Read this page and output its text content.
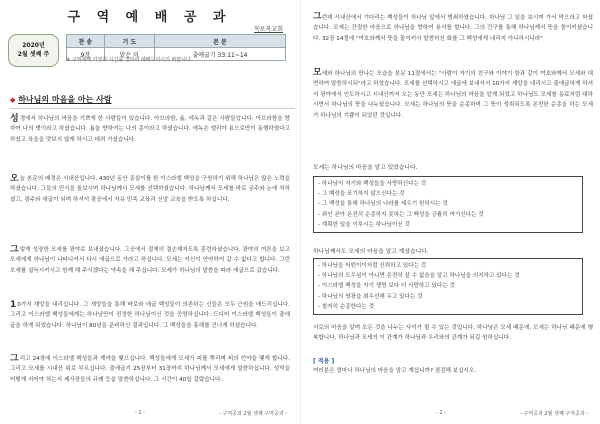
구 역 예 배 공 과
목포북교회
2020년
2월 셋째 주
찬 송	기 도	본 문
9장	맡은 이	출애굽기 33:11~14
※ 구역예배 가정과 시간을 정하여 예배드리시기 바랍니다.
◆ 하나님의 마음을 아는 사람
성경에서 하나님의 마음을 기쁘게 한 사람들이 있습니다. 아브라함, 욥, 에녹과 같은 사람들입니다. 아브라함을 향하여 나의 벗이라고 하셨습니다. 욥을 향하여는 나의 종이라고 하셨습니다. 에녹은 엘리야 용으로만이 동행하였다고 하셨고 육을을 맛보지 않게 하시고 데려 가셨습니다.
오늘 본문의 배경은 시내산입니다. 430년 동안 종살이를 한 이스라엘 백성을 구원하기 위해 하나님은 많은 노력을 하셨습니다. 그들의 민식을 돌보시며 하나님께서 모세를 선택하셨습니다. 하나님께서 모세를 바로 궁주와 논에 처하셨고, 광주와 애굽이 되며 하셔서 광공에서 자유 민족 교육과 신앙 교육을 받도록 하십니다.
그렇게 성장한 모세를 광야로 보내셨습니다. 그곳에서 절체의 결손해지도록 훈련하셨습니다. 광야의 여론을 보고 모세에게 하나님이 나타나셔서 다시 애굽으로 가라고 하십니다. 모세는 자신이 연약하여 갈 수 없다고 합니다. 그런 모세를 설득시키시고 함께 해 주시겠다는 약속을 해 주십니다. 모세가 하나님의 말씀을 따라 애굽으로 갔습니다.
1 0가지 재앙을 내리십니다. 그 재앙들을 통해 바로와 애굽 백성들이 의존하는 신들은 모두 근원을 애드리십니다. 그리고 이스라엘 백성들에게는 하나님만이 진정한 하나님이신 것을 증명하십니다. 드디어 이스라엘 백성들이 출애굽을 하게 되었습니다. 하나님이 80년을 준비하신 결과입니다. 그 백성들을 홍해를 건너게 하셨습니다.
그리고 24장에 이스라엘 백성들과 계약을 맺으십니다. 백성들에게 모세가 피를 뿌리며 피의 언약을 맺게 합니다. 그리고 모세를 시내산 위로 부르십니다. 출애굽기 25장부터 31장까지 하나님께서 모세에게 말씀하십니다. 성막을 어떻게 지어야 하는지 제사장들의 규례 등을 말씀하십니다. 그 시간이 40일 걸렸습니다.
- 1 -	- 구역공과 2월 셋째 구역공과 -
그런데 시내산에서 기다리는 백성들이 하나님 앞에서 범죄하였습니다. 하나님 그 일을 보시며 가서 막으라고 하셨습니다. 모세는 간절한 마음으로 하나님을 향하여 용서를 합니다. 그의 간구를 통해 하나님께서 뜻을 돌이키셨습니다. 32장 14절에 "여호와께서 뜻을 돌이키사 말씀하신 화를 그 백성에게 내리지 아니하시니라"
모세와 하나님의 만나는 모습을 본문 11절에서는 "사람이 자기의 친구와 이야기 함과 같이 여호와께서 모세와 대면하여 말씀하시되"라고 하였습니다. 모세를 선택하시고 애굽에 보내셔서 10가지 재앙을 내리시고 출애굽하게 하셔서 광야에서 인도하시고 시내산까지 오는 동안 모세는 하나님의 마음을 알게 되었고 하나님도 모세를 동료처럼 대하시면서 하나님의 뜻을 나누셨습니다. 모세는 하나님의 뜻을 순종하며 그 뜻이 성취되도록 온전한 순종을 하는 모세가 하나님의 기쁨이 되었던 것입니다.
모세는 하나님의 마음을 알고 있었습니다.
- 하나님이 자기와 백성들을 사랑하신다는 것
- 그 백성을 포기하지 않으신다는 것
- 그 백성을 통해 하나님의 나라를 세우기 원하시는 것
- 죄인 곧아 온전히 순종하지 못하는 그 백성을 긍휼히 여기신다는 것
- 계획한 일을 이루시는 하나님이신 것
하나님께서도 모세의 마음을 알고 계셨습니다.
- 하나님을 어떤이이처럼 신뢰하고 있다는 것
- 하나님의 도우심이 아니면 온전히 살 수 없음을 알고 하나님을 의지하고 있다는 것
- 이스라엘 백성을 자기 생명 보다 더 사랑하고 있다는 것
- 하나님의 영광을 최우선해 두고 있다는 것
- 철저히 순종한다는 것
서로의 마음을 알며 모든 것을 나누는 사이가 될 수 있는 것입니다. 하나님은 모세 때문에, 모세는 하나님 때문에 행복합니다. 하나님과 모세의 이 관계가 하나님과 우리와의 관계가 되길 원하십니다.
[ 적용 ]
여러분은 얼마나 하나님의 마음을 알고 계십니까? 점검해 보십시오.
- 2 -	- 구역공과 2월 셋째 구역공과 -
